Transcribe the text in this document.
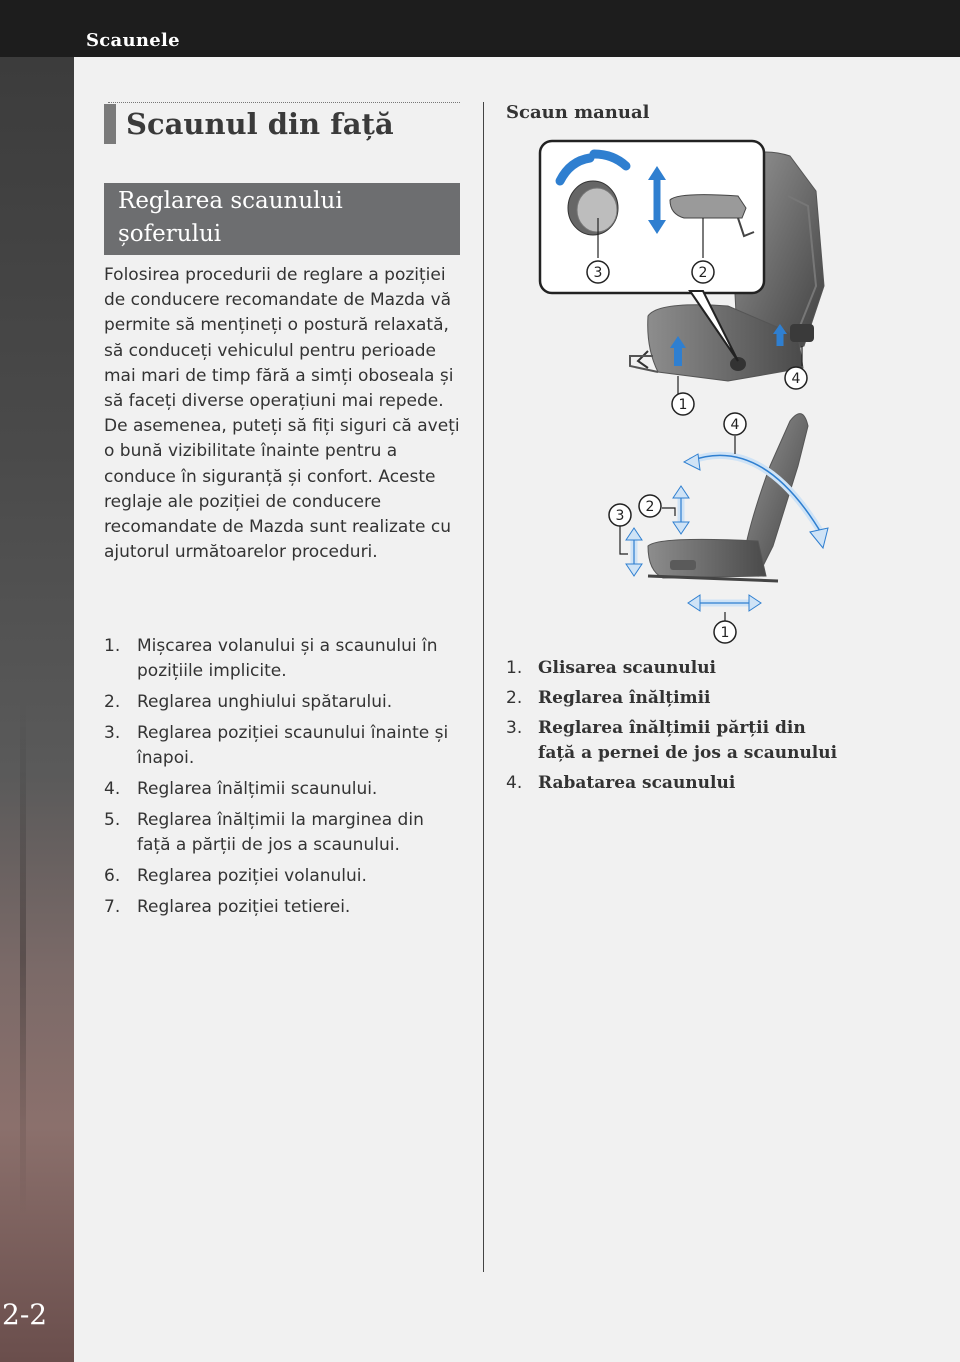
Scaunele
2-2
Scaunul din față
Reglarea scaunului șoferului

Folosirea procedurii de reglare a poziției de conducere recomandate de Mazda vă permite să mențineți o postură relaxată, să conduceți vehiculul pentru perioade mai mari de timp fără a simți oboseala și să faceți diverse operațiuni mai repede. De asemenea, puteți să fiți siguri că aveți o bună vizibilitate înainte pentru a conduce în siguranță și confort. Aceste reglaje ale poziției de conducere recomandate de Mazda sunt realizate cu ajutorul următoarelor proceduri.

1. Mișcarea volanului și a scaunului în pozițiile implicite.
2. Reglarea unghiului spătarului.
3. Reglarea poziției scaunului înainte și înapoi.
4. Reglarea înălțimii scaunului.
5. Reglarea înălțimii la marginea din față a părții de jos a scaunului.
6. Reglarea poziției volanului.
7. Reglarea poziției tetierei.
Scaun manual
3	2
1
4
4
2
3
1
1. Glisarea scaunului
2. Reglarea înălțimii
3. Reglarea înălțimii părții din față a pernei de jos a scaunului
4. Rabatarea scaunului
